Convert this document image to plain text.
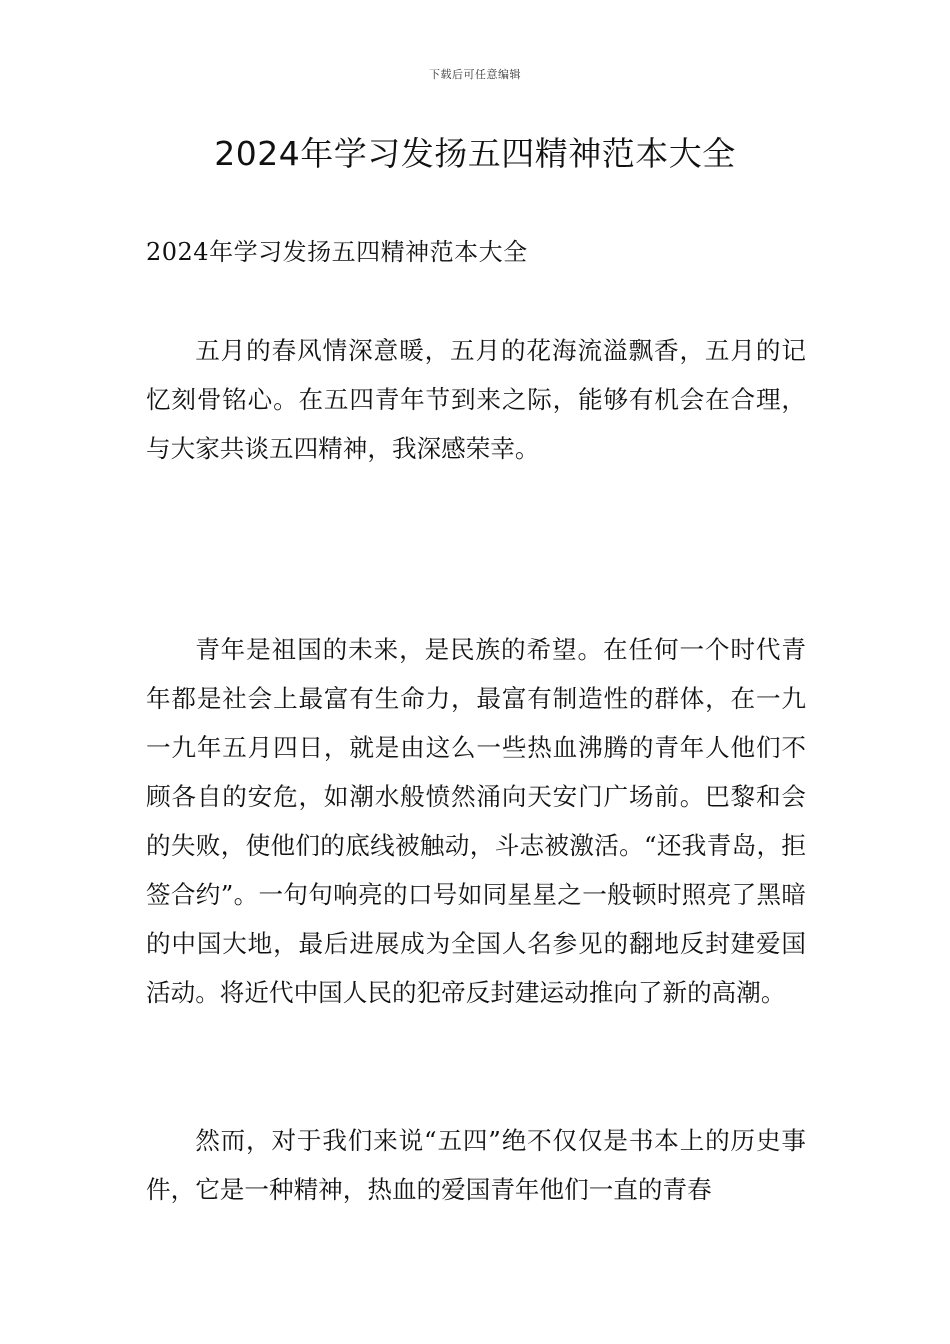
下载后可任意编辑
2024年学习发扬五四精神范本大全

2024年学习发扬五四精神范本大全

五月的春风情深意暖，五月的花海流溢飘香，五月的记忆刻骨铭心。在五四青年节到来之际，能够有机会在合理，与大家共谈五四精神，我深感荣幸。

青年是祖国的未来，是民族的希望。在任何一个时代青年都是社会上最富有生命力，最富有制造性的群体，在一九一九年五月四日，就是由这么一些热血沸腾的青年人他们不顾各自的安危，如潮水般愤然涌向天安门广场前。巴黎和会的失败，使他们的底线被触动，斗志被激活。“还我青岛，拒签合约”。一句句响亮的口号如同星星之一般顿时照亮了黑暗的中国大地，最后进展成为全国人名参见的翻地反封建爱国活动。将近代中国人民的犯帝反封建运动推向了新的高潮。

然而，对于我们来说“五四”绝不仅仅是书本上的历史事件，它是一种精神，热血的爱国青年他们一直的青春
